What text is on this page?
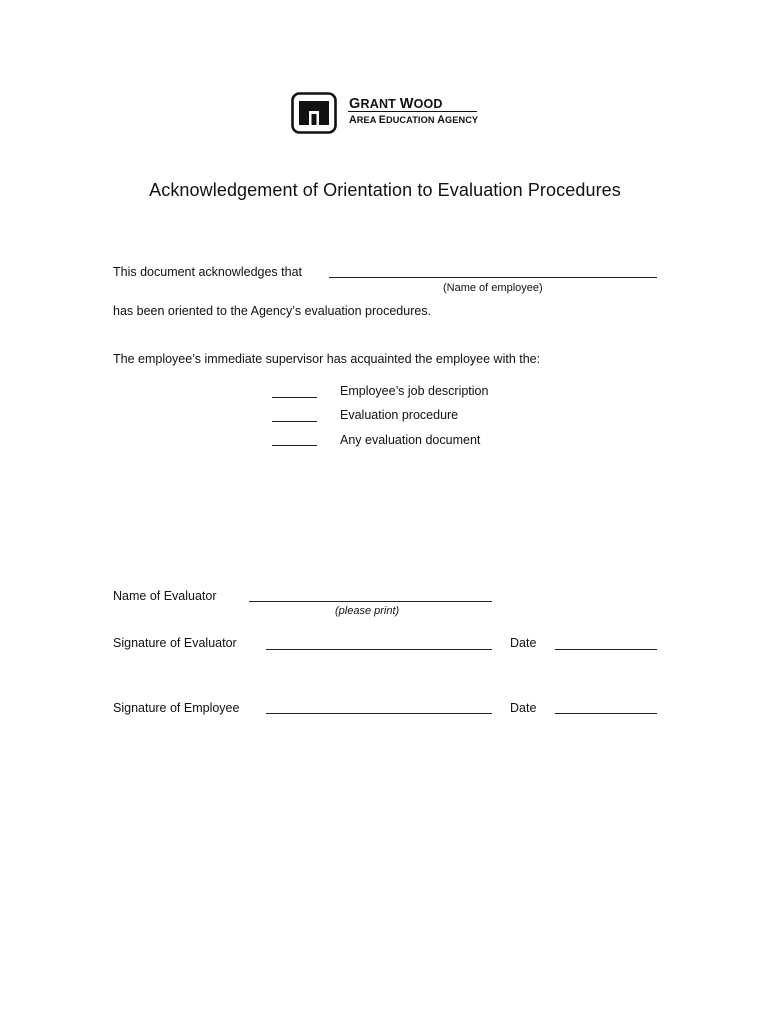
GRANT WOOD
AREA EDUCATION AGENCY
Acknowledgement of Orientation to Evaluation Procedures
This document acknowledges that
(Name of employee)
has been oriented to the Agency’s evaluation procedures.
The employee’s immediate supervisor has acquainted the employee with the:
Employee’s job description
Evaluation procedure
Any evaluation document
Name of Evaluator
(please print)
Signature of Evaluator	Date
Signature of Employee	Date
